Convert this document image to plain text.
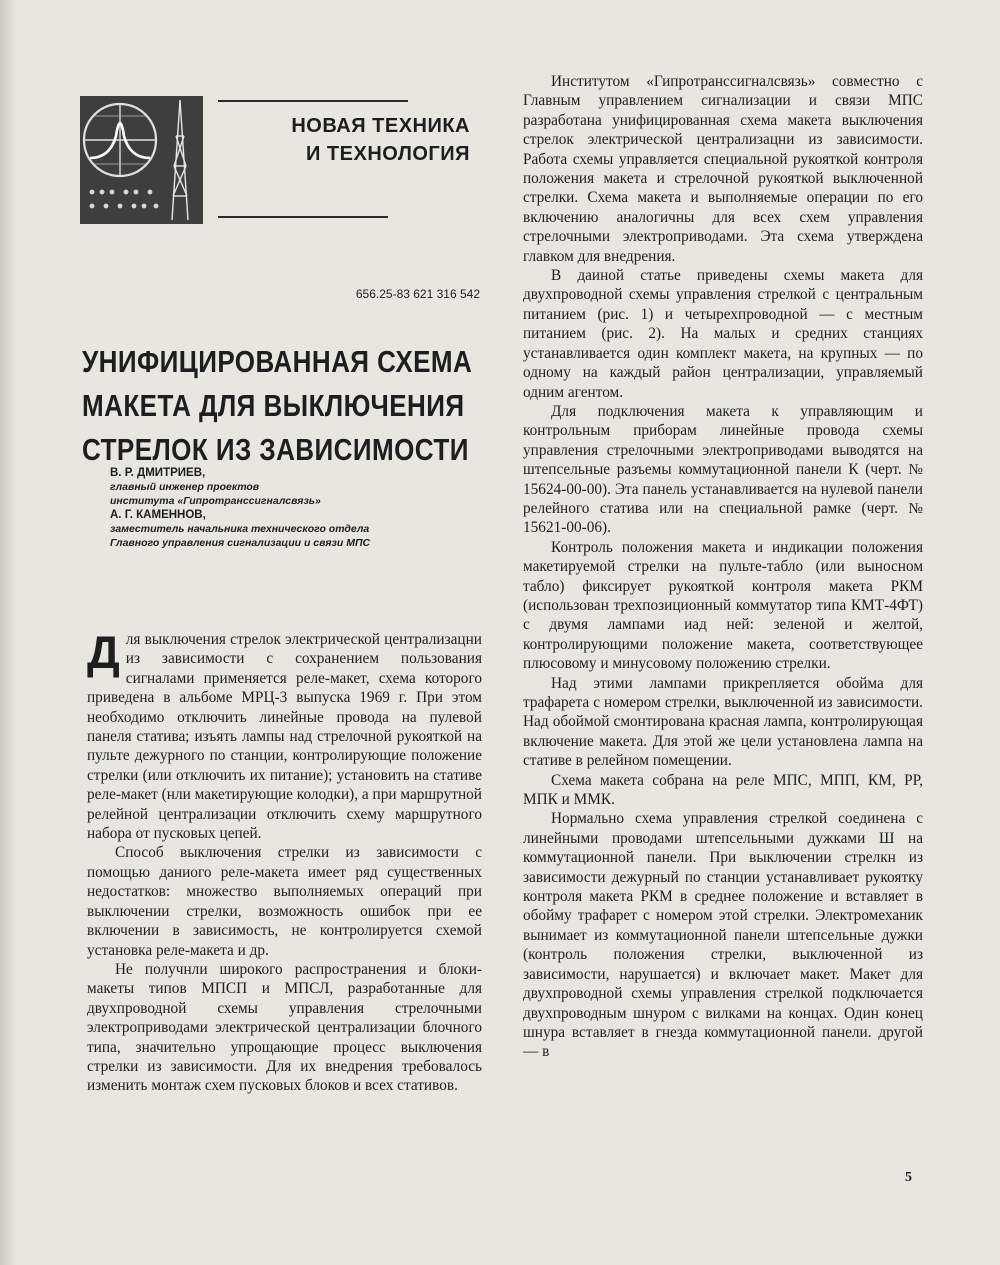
НОВАЯ ТЕХНИКА
И ТЕХНОЛОГИЯ
656.25-83 621 316 542
УНИФИЦИРОВАННАЯ СХЕМА
МАКЕТА ДЛЯ ВЫКЛЮЧЕНИЯ
СТРЕЛОК ИЗ ЗАВИСИМОСТИ
В. Р. ДМИТРИЕВ,
главный инженер проектов
института «Гипротранссигналсвязь»
А. Г. КАМЕННОВ,
заместитель начальника технического отдела
Главного управления сигнализации и связи МПС

Для выключения стрелок электрической централизацни из зависимости с сохранением пользования сигналами применяется реле-макет, схема которого приведена в альбоме МРЦ-3 выпуска 1969 г. При этом необходимо отключить линейные провода на пулевой панеля статива; изъять лампы над стрелочной рукояткой на пульте дежурного по станции, контролирующие положение стрелки (или отключить их питание); установить на стативе реле-макет (нли макетирующие колодки), а при маршрутной релейной централизации отключить схему маршрутного набора от пусковых цепей.

Способ выключения стрелки из зависимости с помощью даниого реле-макета имеет ряд существенных недостатков: множество выполняемых операций при выключении стрелки, возможность ошибок при ее включении в зависимость, не контролируется схемой установка реле-макета и др.

Не получнли широкого распространения и блоки-макеты типов МПСП и МПСЛ, разработанные для двухпроводной схемы управления стрелочными электроприводами электрической централизации блочного типа, значительно упрощающие процесс выключения стрелки из зависимости. Для их внедрения требовалось изменить монтаж схем пусковых блоков и всех стативов.

Институтом «Гипротранссигналсвязь» совместно с Главным управлением сигнализации и связи МПС разработана унифицированная схема макета выключения стрелок электрической централизацни из зависимости. Работа схемы управляется специальной рукояткой контроля положения макета и стрелочной рукояткой выключенной стрелки. Схема макета и выполняемые операции по его включению аналогичны для всех схем управления стрелочными электроприводами. Эта схема утверждена главком для внедрения.

В даиной статье приведены схемы макета для двухпроводной схемы управления стрелкой с центральным питанием (рис. 1) и четырехпроводной — с местным питанием (рис. 2). На малых и средних станциях устанавливается один комплект макета, на крупных — по одному на каждый район централизации, управляемый одним агентом.

Для подключения макета к управляющим и контрольным приборам линейные провода схемы управления стрелочными электроприводами выводятся на штепсельные разъемы коммутационной панели К (черт. № 15624-00-00). Эта панель устанавливается на нулевой панели релейного статива или на специальной рамке (черт. № 15621-00-06).

Контроль положения макета и индикации положения макетируемой стрелки на пульте-табло (или выносном табло) фиксирует рукояткой контроля макета РКМ (использован трехпозиционный коммутатор типа КМТ-4ФТ) с двумя лампами иад ней: зеленой и желтой, контролирующими положение макета, соответствующее плюсовому и минусовому положению стрелки.

Над этими лампами прикрепляется обойма для трафарета с номером стрелки, выключенной из зависимости. Над обоймой смонтирована красная лампа, контролирующая включение макета. Для этой же цели установлена лампа на стативе в релейном помещении.

Схема макета собрана на реле МПС, МПП, КМ, РР, МПК и ММК.

Нормально схема управления стрелкой соединена с линейными проводами штепсельными дужками Ш на коммутационной панели. При выключении стрелкн из зависимости дежурный по станции устанавливает рукоятку контроля макета РКМ в среднее положение и вставляет в обойму трафарет с номером этой стрелки. Электромеханик вынимает из коммутационной панели штепсельные дужки (контроль положения стрелки, выключенной из зависимости, нарушается) и включает макет. Макет для двухпроводной схемы управления стрелкой подключается двухпроводным шнуром с вилками на концах. Один конец шнура вставляет в гнезда коммутационной панели. другой — в

5
